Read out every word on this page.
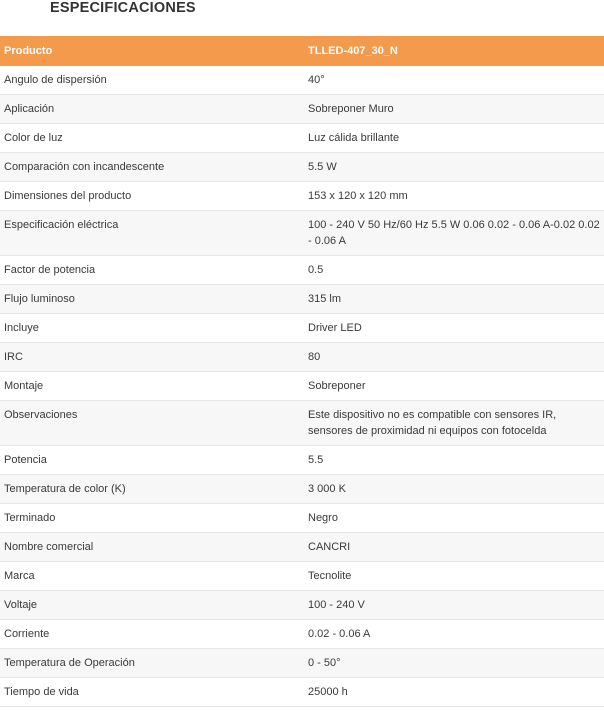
ESPECIFICACIONES
Producto	TLLED-407_30_N
Angulo de dispersión	40°
Aplicación	Sobreponer Muro
Color de luz	Luz cálida brillante
Comparación con incandescente	5.5 W
Dimensiones del producto	153 x 120 x 120 mm
Especificación eléctrica	100 - 240 V 50 Hz/60 Hz 5.5 W 0.06 0.02 - 0.06 A-0.02 0.02 - 0.06 A
Factor de potencia	0.5
Flujo luminoso	315 lm
Incluye	Driver LED
IRC	80
Montaje	Sobreponer
Observaciones	Este dispositivo no es compatible con sensores IR, sensores de proximidad ni equipos con fotocelda
Potencia	5.5
Temperatura de color (K)	3 000 K
Terminado	Negro
Nombre comercial	CANCRI
Marca	Tecnolite
Voltaje	100 - 240 V
Corriente	0.02 - 0.06 A
Temperatura de Operación	0 - 50°
Tiempo de vida	25000 h
